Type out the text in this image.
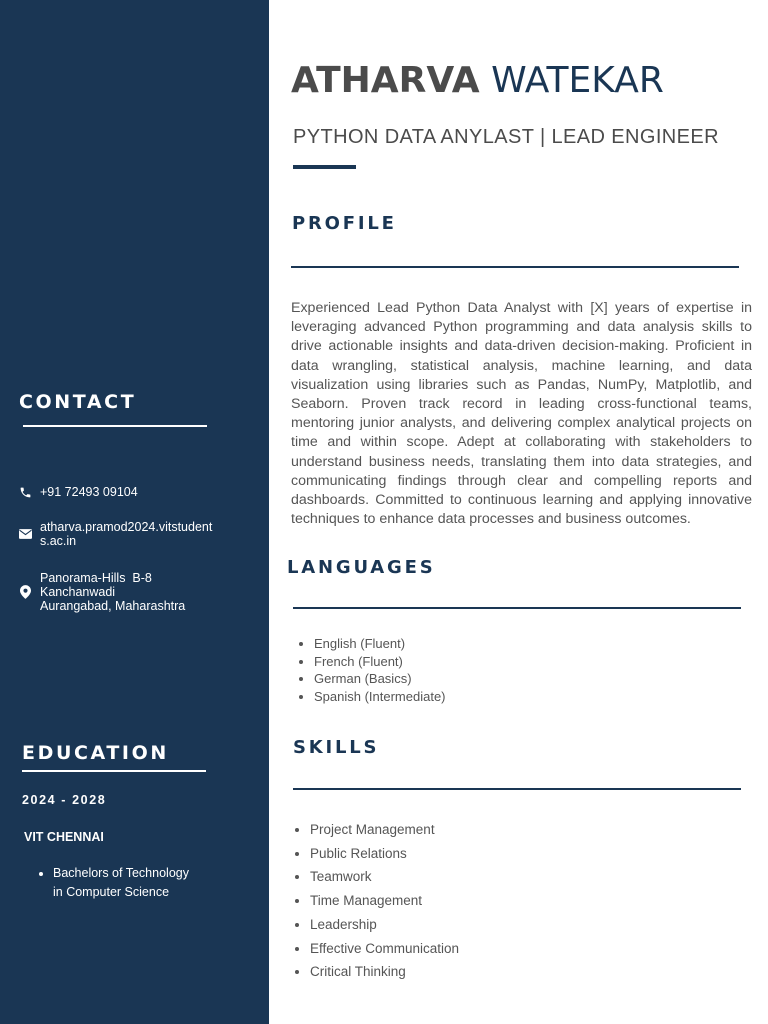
CONTACT
+91 72493 09104
atharva.pramod2024.vitstudent
s.ac.in
Panorama-Hills  B-8
Kanchanwadi
Aurangabad, Maharashtra
EDUCATION
2024 - 2028
VIT CHENNAI
• Bachelors of Technology
in Computer Science
ATHARVA WATEKAR
PYTHON DATA ANYLAST | LEAD ENGINEER
PROFILE
Experienced Lead Python Data Analyst with [X] years of expertise in leveraging advanced Python programming and data analysis skills to drive actionable insights and data-driven decision-making. Proficient in data wrangling, statistical analysis, machine learning, and data visualization using libraries such as Pandas, NumPy, Matplotlib, and Seaborn. Proven track record in leading cross-functional teams, mentoring junior analysts, and delivering complex analytical projects on time and within scope. Adept at collaborating with stakeholders to understand business needs, translating them into data strategies, and communicating findings through clear and compelling reports and dashboards. Committed to continuous learning and applying innovative techniques to enhance data processes and business outcomes.
LANGUAGES
• English (Fluent)
• French (Fluent)
• German (Basics)
• Spanish (Intermediate)
SKILLS
• Project Management
• Public Relations
• Teamwork
• Time Management
• Leadership
• Effective Communication
• Critical Thinking
